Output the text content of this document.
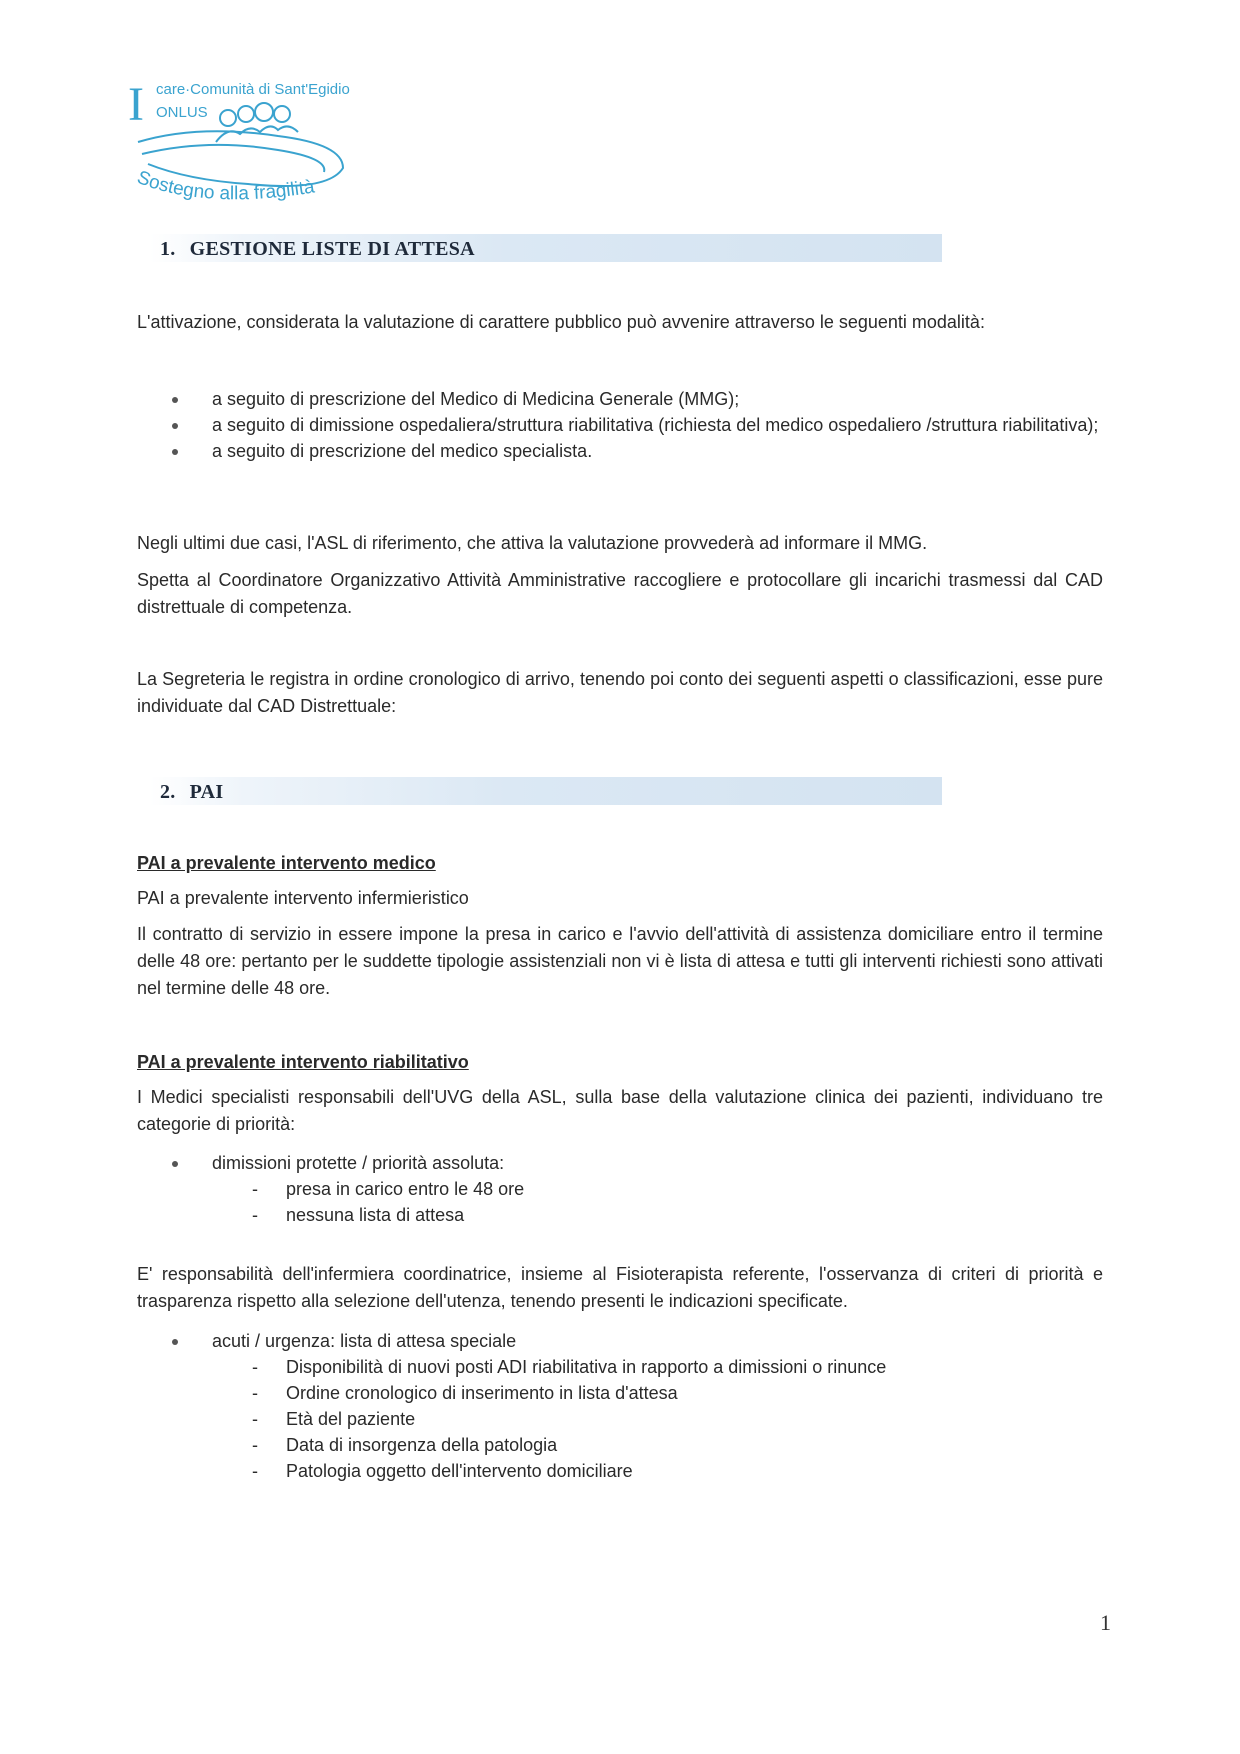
I care·Comunità di Sant'Egidio
ONLUS
Sostegno alla fragilità
1. GESTIONE LISTE DI ATTESA
L'attivazione, considerata la valutazione di carattere pubblico può avvenire attraverso le seguenti modalità:
a seguito di prescrizione del Medico di Medicina Generale (MMG);
a seguito di dimissione ospedaliera/struttura riabilitativa (richiesta del medico ospedaliero /struttura riabilitativa);
a seguito di prescrizione del medico specialista.
Negli ultimi due casi, l'ASL di riferimento, che attiva la valutazione provvederà ad informare il MMG.
Spetta al Coordinatore Organizzativo Attività Amministrative raccogliere e protocollare gli incarichi trasmessi dal CAD distrettuale di competenza.
La Segreteria le registra in ordine cronologico di arrivo, tenendo poi conto dei seguenti aspetti o classificazioni, esse pure individuate dal CAD Distrettuale:
2. PAI
PAI a prevalente intervento medico
PAI a prevalente intervento infermieristico
Il contratto di servizio in essere impone la presa in carico e l'avvio dell'attività di assistenza domiciliare entro il termine delle 48 ore: pertanto per le suddette tipologie assistenziali non vi è lista di attesa e tutti gli interventi richiesti sono attivati nel termine delle 48 ore.
PAI a prevalente intervento riabilitativo
I Medici specialisti responsabili dell'UVG della ASL, sulla base della valutazione clinica dei pazienti, individuano tre categorie di priorità:
dimissioni protette / priorità assoluta:
- presa in carico entro le 48 ore
- nessuna lista di attesa
E' responsabilità dell'infermiera coordinatrice, insieme al Fisioterapista referente, l'osservanza di criteri di priorità e trasparenza rispetto alla selezione dell'utenza, tenendo presenti le indicazioni specificate.
acuti / urgenza: lista di attesa speciale
- Disponibilità di nuovi posti ADI riabilitativa in rapporto a dimissioni o rinunce
- Ordine cronologico di inserimento in lista d'attesa
- Età del paziente
- Data di insorgenza della patologia
- Patologia oggetto dell'intervento domiciliare
1
